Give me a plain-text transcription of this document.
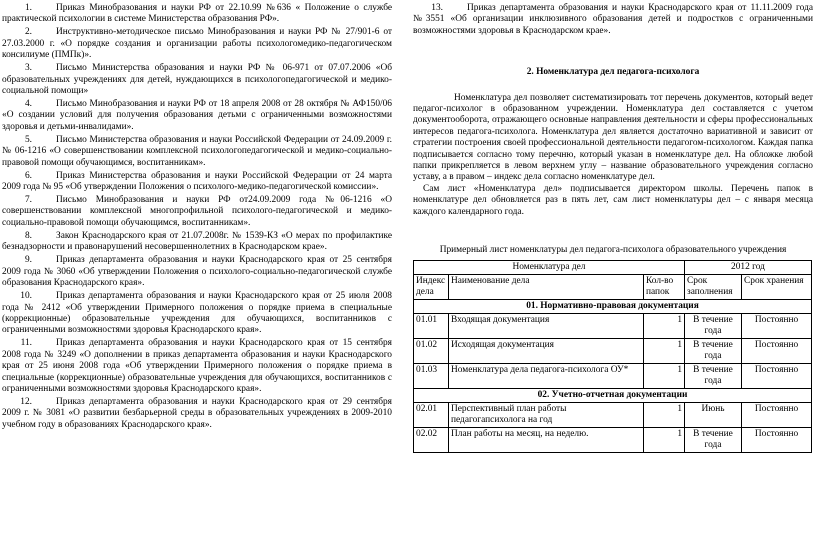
1.	Приказ Минобразования и науки РФ от 22.10.99 №636 « Положение о службе практической психологии в системе Министерства образования РФ».
2.	Инструктивно-методическое письмо Минобразования и науки РФ № 27/901-6 от 27.03.2000 г. «О порядке создания и организации работы психологомедико-педагогическом консилиуме (ПМПк)».
3.	Письмо Министерства образования и науки РФ № 06-971 от 07.07.2006 «Об образовательных учреждениях для детей, нуждающихся в психологопедагогической и медико-социальной помощи»
4.	Письмо Минобразования и науки РФ от 18 апреля 2008 от 28 октября № АФ150/06 «О создании условий для получения образования детьми с ограниченными возможностями здоровья и детьми-инвалидами».
5.	Письмо Министерства образования и науки Российской Федерации от 24.09.2009 г. № 06-1216 «О совершенствовании комплексной психологопедагогической и медико-социально-правовой помощи обучающимся, воспитанникам».
6.	Приказ Министерства образования и науки Российской Федерации от 24 марта 2009 года № 95 «Об утверждении Положения о психолого-медико-педагогической комиссии».
7.	Письмо Минобразования и науки РФ от24.09.2009 года №06-1216 «О совершенствовании комплексной многопрофильной психолого-педагогической и медико-социально-правовой помощи обучающимся, воспитанникам».
8.	Закон Краснодарского края от 21.07.2008г. № 1539-КЗ «О мерах по профилактике безнадзорности и правонарушений несовершеннолетних в Краснодарском крае».
9.	Приказ департамента образования и науки Краснодарского края от 25 сентября 2009 года № 3060 «Об утверждении Положения о психолого-социально-педагогической службе образования Краснодарского края».
10.	Приказ департамента образования и науки Краснодарского края от 25 июля 2008 года № 2412 «Об утверждении Примерного положения о порядке приема в специальные (коррекционные) образовательные учреждения для обучающихся, воспитанников с ограниченными возможностями здоровья Краснодарского края».
11.	Приказ департамента образования и науки Краснодарского края от 15 сентября 2008 года № 3249 «О дополнении в приказ департамента образования и науки Краснодарского края от 25 июня 2008 года «Об утверждении Примерного положения о порядке приема в специальные (коррекционные) образовательные учреждения для обучающихся, воспитанников с ограниченными возможностями здоровья Краснодарского края».
12.	Приказ департамента образования и науки Краснодарского края от 29 сентября 2009 г. № 3081 «О развитии безбарьерной среды в образовательных учреждениях в 2009-2010 учебном году в образованиях Краснодарского края».
13.	Приказ департамента образования и науки Краснодарского края от 11.11.2009 года №3551 «Об организации инклюзивного образования детей и подростков с ограниченными возможностями здоровья в Краснодарском крае».
2. Номенклатура дел педагога-психолога

Номенклатура дел позволяет систематизировать тот перечень документов, который ведет педагог-психолог в образованном учреждении. Номенклатура дел составляется с учетом документооборота, отражающего основные направления деятельности и сферы профессиональных интересов педагога-психолога. Номенклатура дел является достаточно вариативной и зависит от стратегии построения своей профессиональной деятельности педагогом-психологом. Каждая папка подписывается согласно тому перечню, который указан в номенклатуре дел. На обложке любой папки прикрепляется в левом верхнем углу – название образовательного учреждения согласно уставу, а в правом – индекс дела согласно номенклатуре дел.

Сам лист «Номенклатура дел» подписывается директором школы. Перечень папок в номенклатуре дел обновляется раз в пять лет, сам лист номенклатуры дел – с января месяца каждого календарного года.

Примерный лист номенклатуры дел педагога-психолога образовательного учреждения
Номенклатура дел			2012 год	
Индекс дела	Наименование дела	Кол-во папок	Срок заполнения	Срок хранения
01. Нормативно-правовая документация				
01.01	Входящая документация	1	В течение года	Постоянно
01.02	Исходящая документация	1	В течение года	Постоянно
01.03	Номенклатура дела педагога-психолога ОУ*	1	В течение года	Постоянно
02. Учетно-отчетная документации				
02.01	Перспективный план работы педагогапсихолога на год	1	Июнь	Постоянно
02.02	План работы на месяц, на неделю.	1	В течение года	Постоянно
